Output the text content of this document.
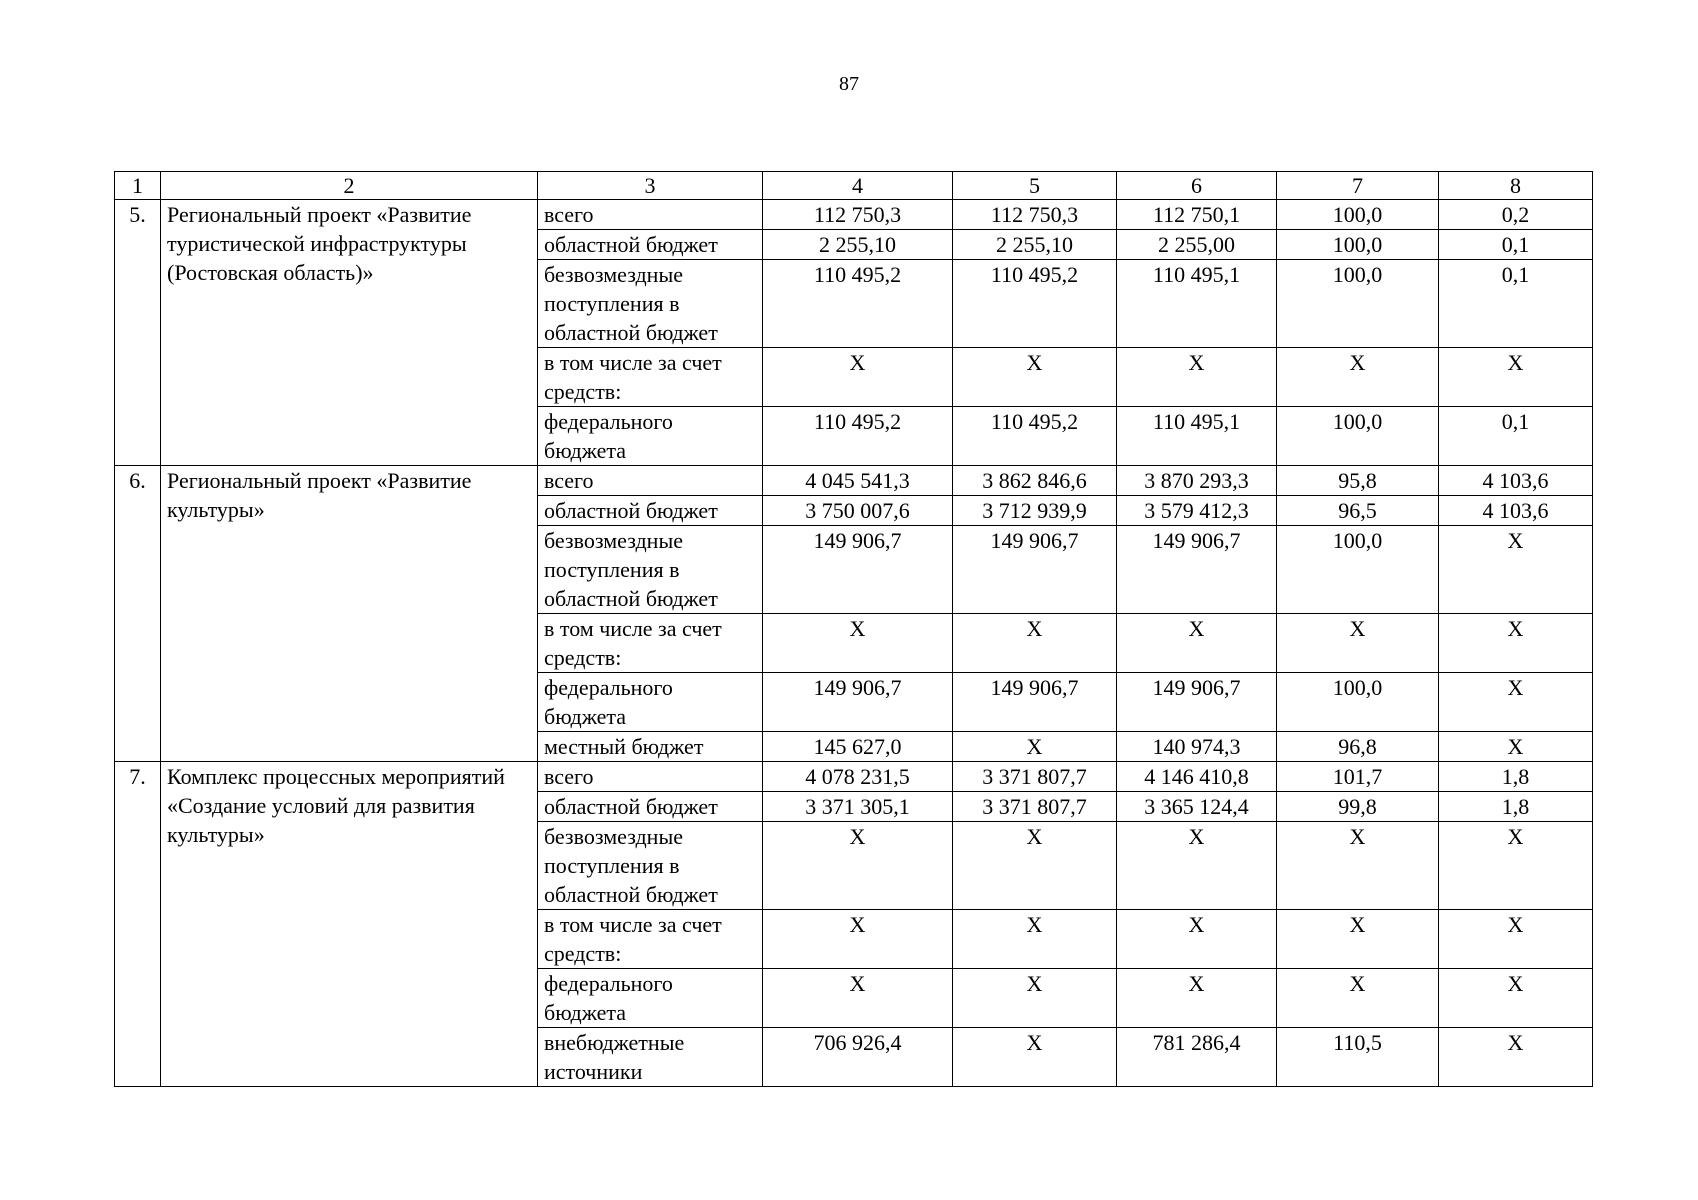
87
1	2	3	4	5	6	7	8
5.	Региональный проект «Развитие туристической инфраструктуры (Ростовская область)»	всего	112 750,3	112 750,3	112 750,1	100,0	0,2
		областной бюджет	2 255,10	2 255,10	2 255,00	100,0	0,1
		безвозмездные поступления в областной бюджет	110 495,2	110 495,2	110 495,1	100,0	0,1
		в том числе за счет средств:	Х	Х	Х	Х	Х
		федерального бюджета	110 495,2	110 495,2	110 495,1	100,0	0,1
6.	Региональный проект «Развитие культуры»	всего	4 045 541,3	3 862 846,6	3 870 293,3	95,8	4 103,6
		областной бюджет	3 750 007,6	3 712 939,9	3 579 412,3	96,5	4 103,6
		безвозмездные поступления в областной бюджет	149 906,7	149 906,7	149 906,7	100,0	Х
		в том числе за счет средств:	Х	Х	Х	Х	Х
		федерального бюджета	149 906,7	149 906,7	149 906,7	100,0	Х
		местный бюджет	145 627,0	Х	140 974,3	96,8	Х
7.	Комплекс процессных мероприятий «Создание условий для развития культуры»	всего	4 078 231,5	3 371 807,7	4 146 410,8	101,7	1,8
		областной бюджет	3 371 305,1	3 371 807,7	3 365 124,4	99,8	1,8
		безвозмездные поступления в областной бюджет	Х	Х	Х	Х	Х
		в том числе за счет средств:	Х	Х	Х	Х	Х
		федерального бюджета	Х	Х	Х	Х	Х
		внебюджетные источники	706 926,4	Х	781 286,4	110,5	Х
